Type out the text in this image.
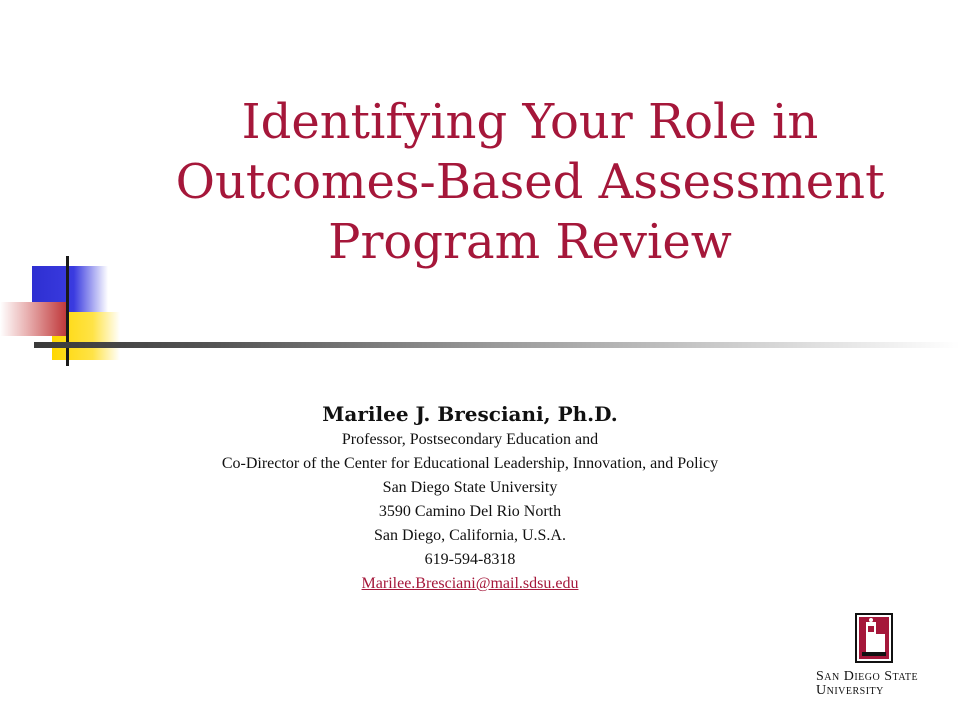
Identifying Your Role in
Outcomes-Based Assessment
Program Review
Marilee J. Bresciani, Ph.D.
Professor, Postsecondary Education and
Co-Director of the Center for Educational Leadership, Innovation, and Policy
San Diego State University
3590 Camino Del Rio North
San Diego, California, U.S.A.
619-594-8318
Marilee.Bresciani@mail.sdsu.edu
San Diego State
University
